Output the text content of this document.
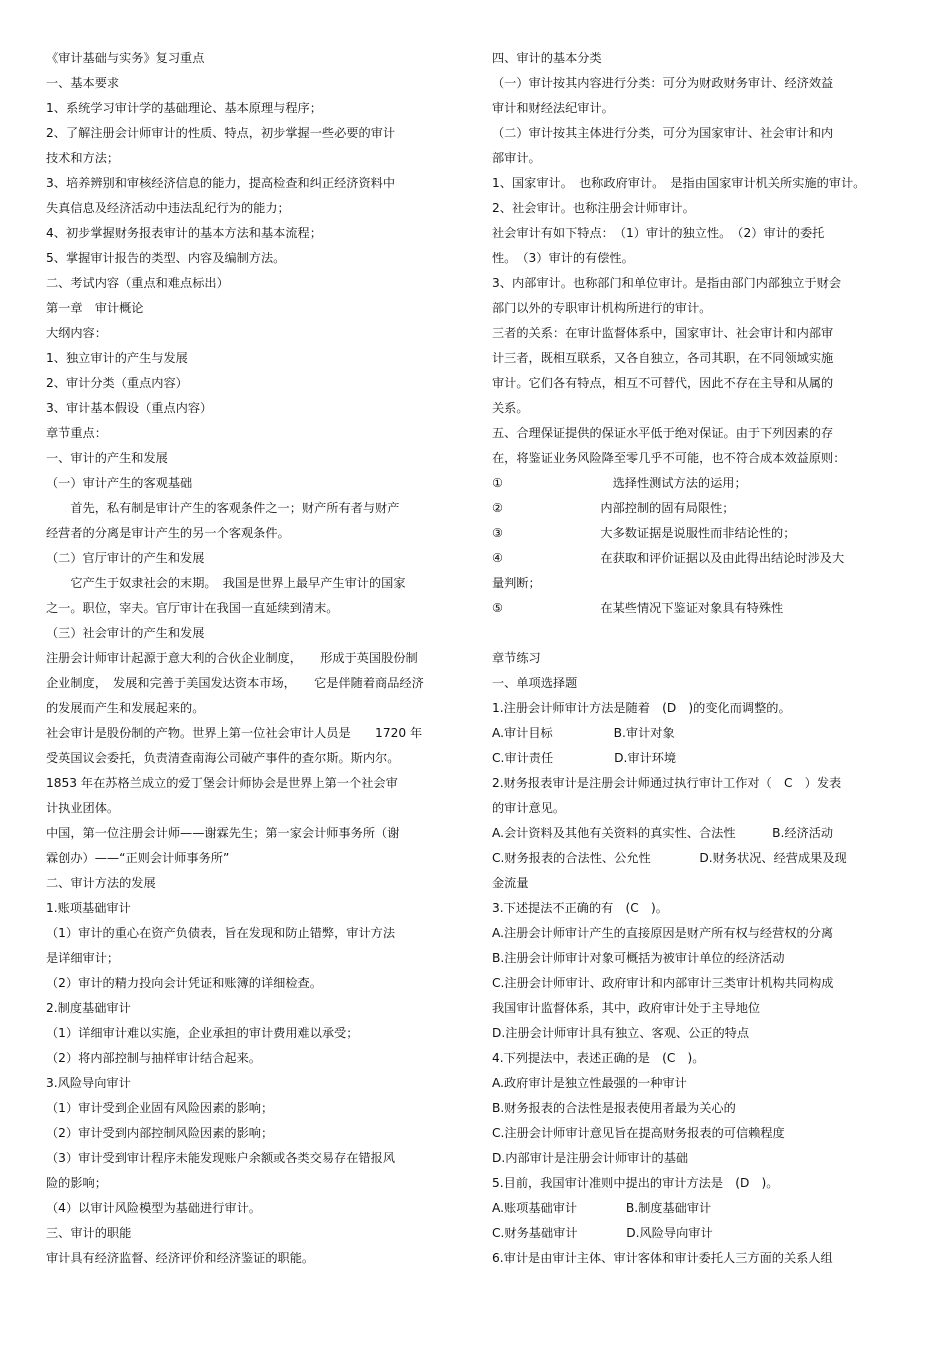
《审计基础与实务》复习重点
一、基本要求
1、系统学习审计学的基础理论、基本原理与程序；
2、了解注册会计师审计的性质、特点，初步掌握一些必要的审计
技术和方法；
3、培养辨别和审核经济信息的能力，提高检查和纠正经济资料中
失真信息及经济活动中违法乱纪行为的能力；
4、初步掌握财务报表审计的基本方法和基本流程；
5、掌握审计报告的类型、内容及编制方法。
二、考试内容（重点和难点标出）
第一章　审计概论
大纲内容：
1、独立审计的产生与发展
2、审计分类（重点内容）
3、审计基本假设（重点内容）
章节重点：
一、审计的产生和发展
（一）审计产生的客观基础
　　首先，私有制是审计产生的客观条件之一；财产所有者与财产
经营者的分离是审计产生的另一个客观条件。
（二）官厅审计的产生和发展
　　它产生于奴隶社会的末期。　我国是世界上最早产生审计的国家
之一。职位，宰夫。官厅审计在我国一直延续到清末。
（三）社会审计的产生和发展
注册会计师审计起源于意大利的合伙企业制度，　　形成于英国股份制
企业制度，　发展和完善于美国发达资本市场，　　它是伴随着商品经济
的发展而产生和发展起来的。
社会审计是股份制的产物。世界上第一位社会审计人员是　　1720 年
受英国议会委托，负责清查南海公司破产事件的查尔斯。斯内尔。
1853 年在苏格兰成立的爱丁堡会计师协会是世界上第一个社会审
计执业团体。
中国，第一位注册会计师——谢霖先生；第一家会计师事务所（谢
霖创办）——“正则会计师事务所”
二、审计方法的发展
1.账项基础审计
（1）审计的重心在资产负债表，旨在发现和防止错弊，审计方法
是详细审计；
（2）审计的精力投向会计凭证和账簿的详细检查。
2.制度基础审计
（1）详细审计难以实施，企业承担的审计费用难以承受；
（2）将内部控制与抽样审计结合起来。
3.风险导向审计
（1）审计受到企业固有风险因素的影响；
（2）审计受到内部控制风险因素的影响；
（3）审计受到审计程序未能发现账户余额或各类交易存在错报风
险的影响；
（4）以审计风险模型为基础进行审计。
三、审计的职能
审计具有经济监督、经济评价和经济鉴证的职能。
四、审计的基本分类
（一）审计按其内容进行分类：可分为财政财务审计、经济效益
审计和财经法纪审计。
（二）审计按其主体进行分类，可分为国家审计、社会审计和内
部审计。
1、国家审计。　也称政府审计。　是指由国家审计机关所实施的审计。
2、社会审计。也称注册会计师审计。
社会审计有如下特点：　（1）审计的独立性。　（2）审计的委托
性。　（3）审计的有偿性。
3、内部审计。也称部门和单位审计。是指由部门内部独立于财会
部门以外的专职审计机构所进行的审计。
三者的关系：在审计监督体系中，国家审计、社会审计和内部审
计三者，既相互联系，又各自独立，各司其职，在不同领域实施
审计。它们各有特点，相互不可替代，因此不存在主导和从属的
关系。
五、合理保证提供的保证水平低于绝对保证。由于下列因素的存
在，将鉴证业务风险降至零几乎不可能，也不符合成本效益原则：
①　　　　　　　　　选择性测试方法的运用；
②　　　　　　　　内部控制的固有局限性；
③　　　　　　　　大多数证据是说服性而非结论性的；
④　　　　　　　　在获取和评价证据以及由此得出结论时涉及大
量判断；
⑤　　　　　　　　在某些情况下鉴证对象具有特殊性
章节练习
一、单项选择题
1.注册会计师审计方法是随着　(D　)的变化而调整的。
A.审计目标　　　　　B.审计对象
C.审计责任　　　　　D.审计环境
2.财务报表审计是注册会计师通过执行审计工作对（　C　）发表
的审计意见。
A.会计资料及其他有关资料的真实性、合法性　　　B.经济活动
C.财务报表的合法性、公允性　　　　D.财务状况、经营成果及现
金流量
3.下述提法不正确的有　(C　)。
A.注册会计师审计产生的直接原因是财产所有权与经营权的分离
B.注册会计师审计对象可概括为被审计单位的经济活动
C.注册会计师审计、政府审计和内部审计三类审计机构共同构成
我国审计监督体系，其中，政府审计处于主导地位
D.注册会计师审计具有独立、客观、公正的特点
4.下列提法中，表述正确的是　(C　)。
A.政府审计是独立性最强的一种审计
B.财务报表的合法性是报表使用者最为关心的
C.注册会计师审计意见旨在提高财务报表的可信赖程度
D.内部审计是注册会计师审计的基础
5.目前，我国审计准则中提出的审计方法是　(D　)。
A.账项基础审计　　　　B.制度基础审计
C.财务基础审计　　　　D.风险导向审计
6.审计是由审计主体、审计客体和审计委托人三方面的关系人组
